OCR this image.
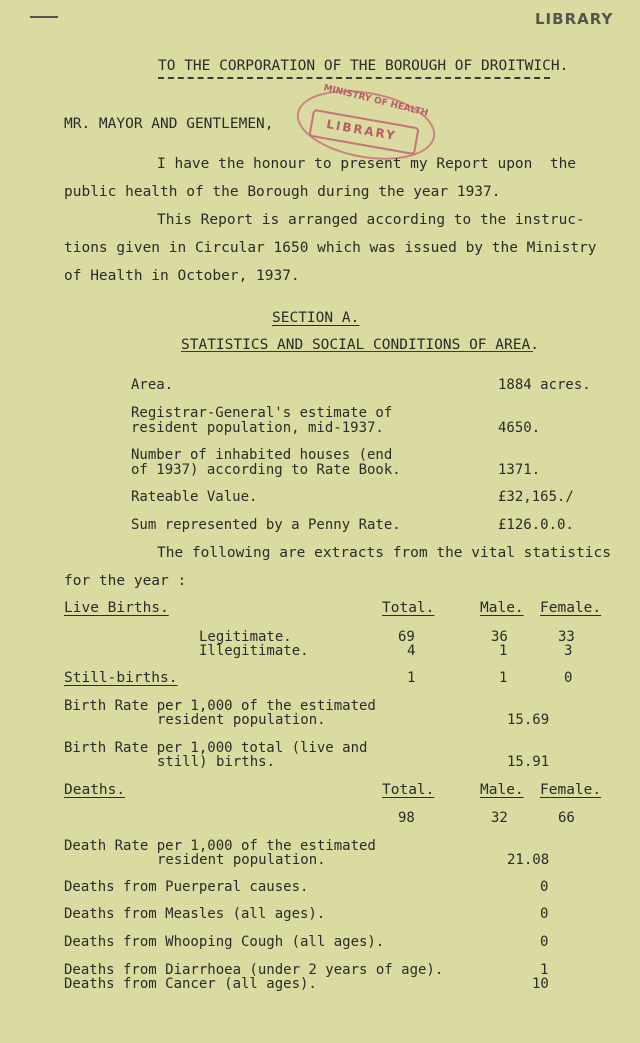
LIBRARY
TO THE CORPORATION OF THE BOROUGH OF DROITWICH.
MINISTRY OF HEALTH
LIBRARY
MR. MAYOR AND GENTLEMEN,
I have the honour to present my Report upon  the
public health of the Borough during the year 1937.
This Report is arranged according to the instruc-
tions given in Circular 1650 which was issued by the Ministry
of Health in October, 1937.
SECTION A.
STATISTICS AND SOCIAL CONDITIONS OF AREA.
Area.	1884 acres.
Registrar-General's estimate of
resident population, mid-1937.	4650.
Number of inhabited houses (end
of 1937) according to Rate Book.	1371.
Rateable Value.	£32,165./
Sum represented by a Penny Rate.	£126.0.0.
The following are extracts from the vital statistics
for the year :
Live Births.	Total.	Male. Female.
Legitimate.	69	36	33
Illegitimate.	4	1	3
Still-births.	1	1	0
Birth Rate per 1,000 of the estimated
resident population.	15.69
Birth Rate per 1,000 total (live and
still) births.	15.91
Deaths.	Total.	Male. Female.
98	32	66
Death Rate per 1,000 of the estimated
resident population.	21.08
Deaths from Puerperal causes.	0
Deaths from Measles (all ages).	0
Deaths from Whooping Cough (all ages).	0
Deaths from Diarrhoea (under 2 years of age).	1
Deaths from Cancer (all ages).	10
